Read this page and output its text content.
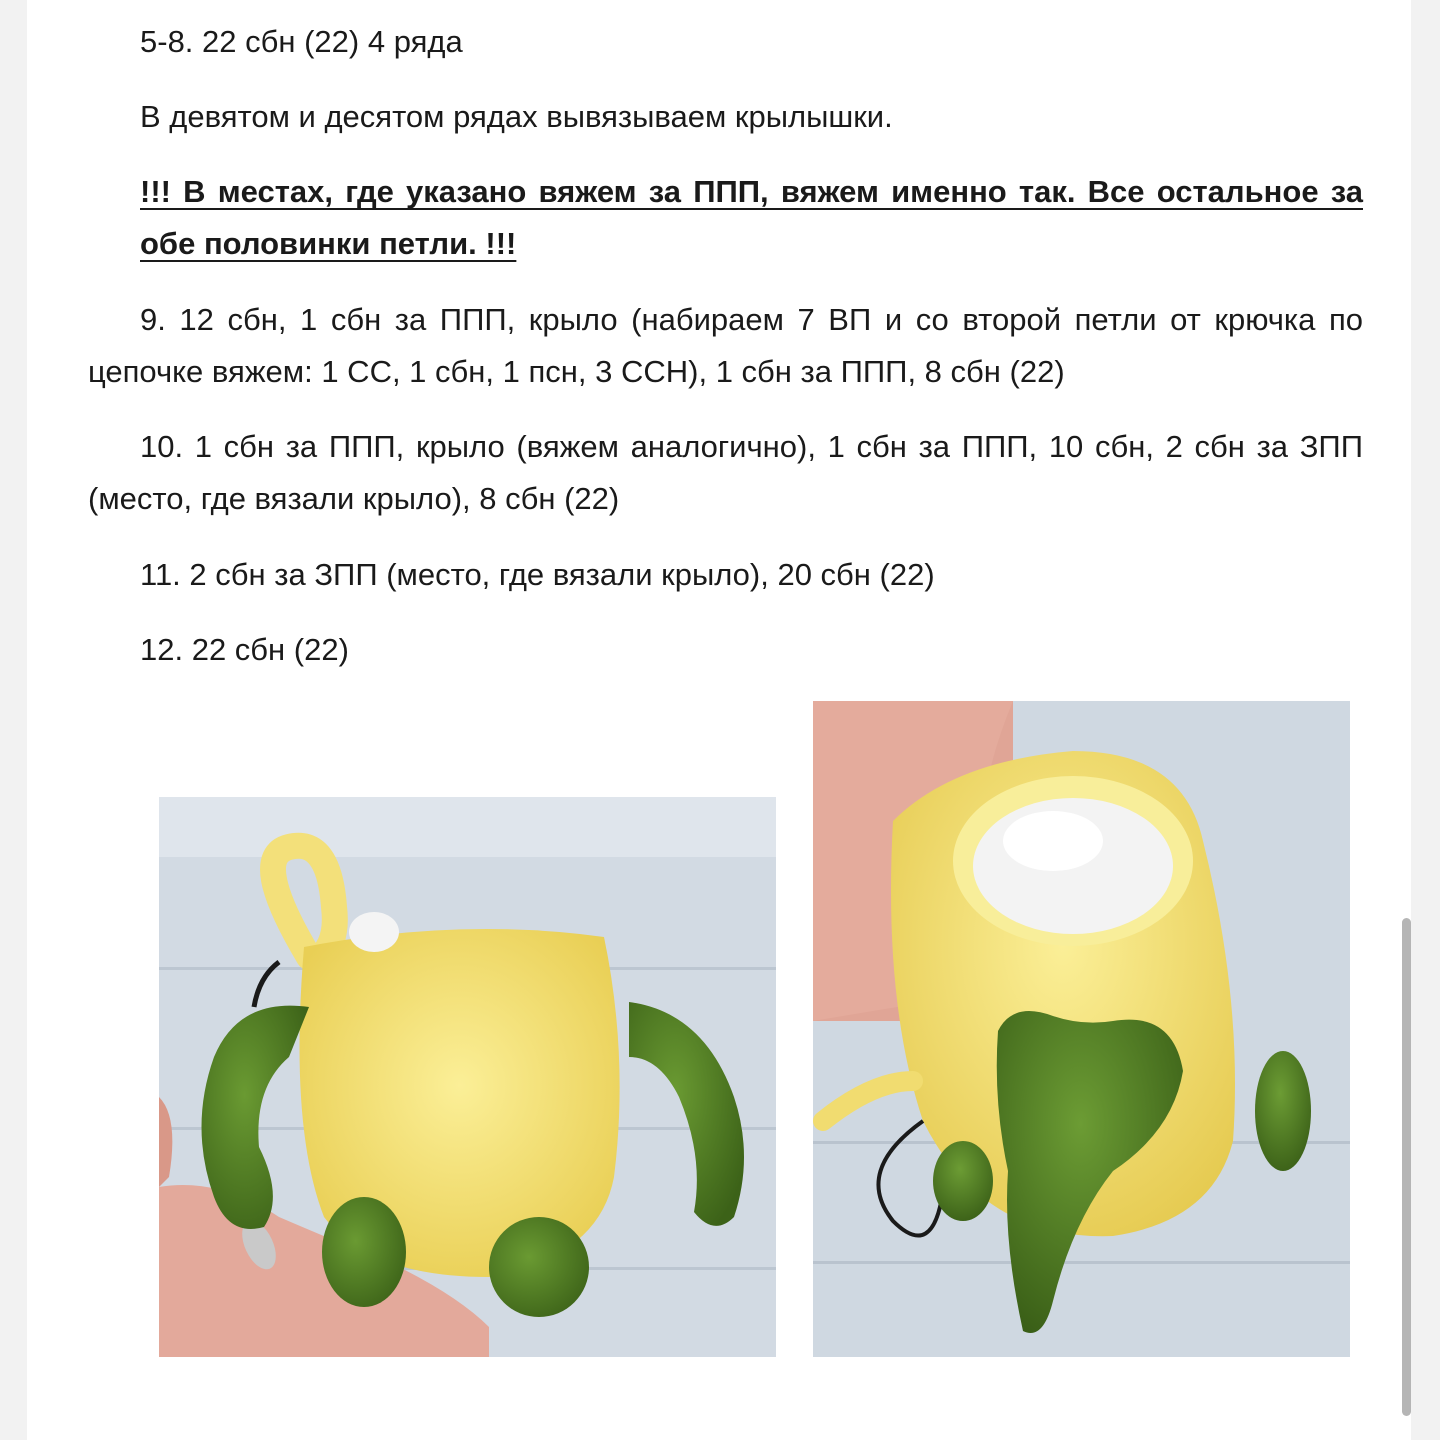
5-8. 22 сбн (22) 4 ряда

В девятом и десятом рядах вывязываем крылышки.

!!! В местах, где указано вяжем за ППП, вяжем именно так. Все остальное за обе половинки петли. !!!

9. 12 сбн, 1 сбн за ППП, крыло (набираем 7 ВП и со второй петли от крючка по цепочке вяжем: 1 СС, 1 сбн, 1 псн, 3 ССН), 1 сбн за ППП, 8 сбн (22)

10. 1 сбн за ППП, крыло (вяжем аналогично), 1 сбн за ППП, 10 сбн, 2 сбн за ЗПП (место, где вязали крыло), 8 сбн (22)

11. 2 сбн за ЗПП (место, где вязали крыло), 20 сбн (22)

12. 22 сбн (22)
